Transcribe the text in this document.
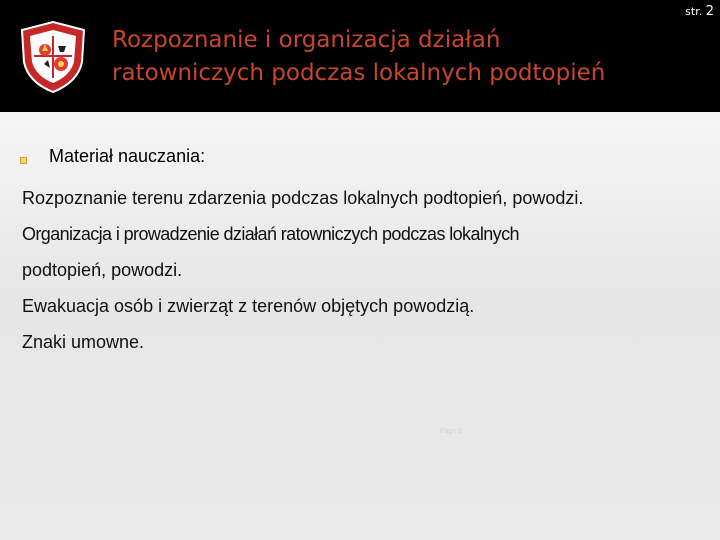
str. 2
Rozpoznanie i organizacja działań
ratowniczych podczas lokalnych podtopień
Materiał nauczania:
Rozpoznanie terenu zdarzenia podczas lokalnych podtopień, powodzi.
Organizacja i prowadzenie działań ratowniczych podczas lokalnych
podtopień, powodzi.
Ewakuacja osób i zwierząt z terenów objętych powodzią.
Znaki umowne.
Page 2
